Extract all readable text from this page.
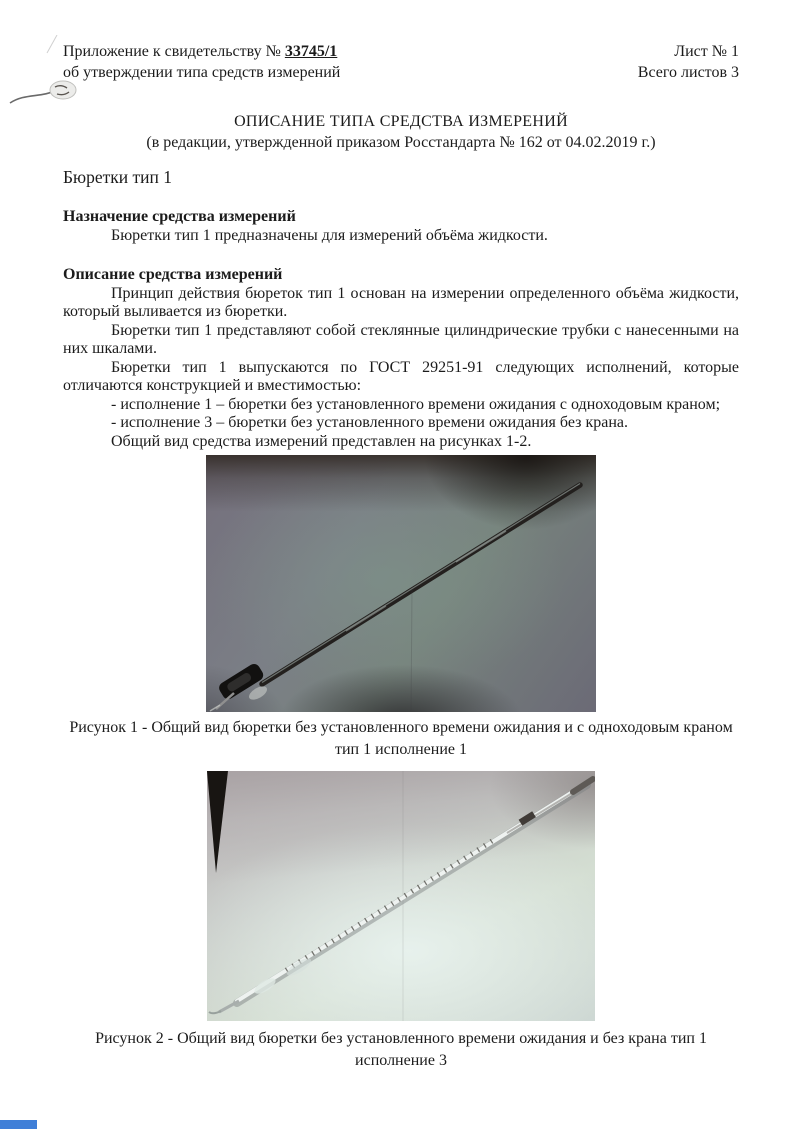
Приложение к свидетельству № 33745/1
об утверждении типа средств измерений
Лист № 1
Всего листов 3
ОПИСАНИЕ ТИПА СРЕДСТВА ИЗМЕРЕНИЙ
(в редакции, утвержденной приказом Росстандарта № 162 от 04.02.2019 г.)
Бюретки тип 1
Назначение средства измерений

Бюретки тип 1 предназначены для измерений объёма жидкости.

Описание средства измерений

Принцип действия бюреток тип 1 основан на измерении определенного объёма жидкости, который выливается из бюретки.

Бюретки тип 1 представляют собой стеклянные цилиндрические трубки с нанесенными на них шкалами.

Бюретки тип 1 выпускаются по ГОСТ 29251-91 следующих исполнений, которые отличаются конструкцией и вместимостью:

- исполнение 1 – бюретки без установленного времени ожидания с одноходовым краном;

- исполнение 3 – бюретки без установленного времени ожидания без крана.

Общий вид средства измерений представлен на рисунках 1-2.

Рисунок 1 - Общий вид бюретки без установленного времени ожидания и с одноходовым краном тип 1 исполнение 1
Рисунок 2 - Общий вид бюретки без установленного времени ожидания и без крана тип 1 исполнение 3
